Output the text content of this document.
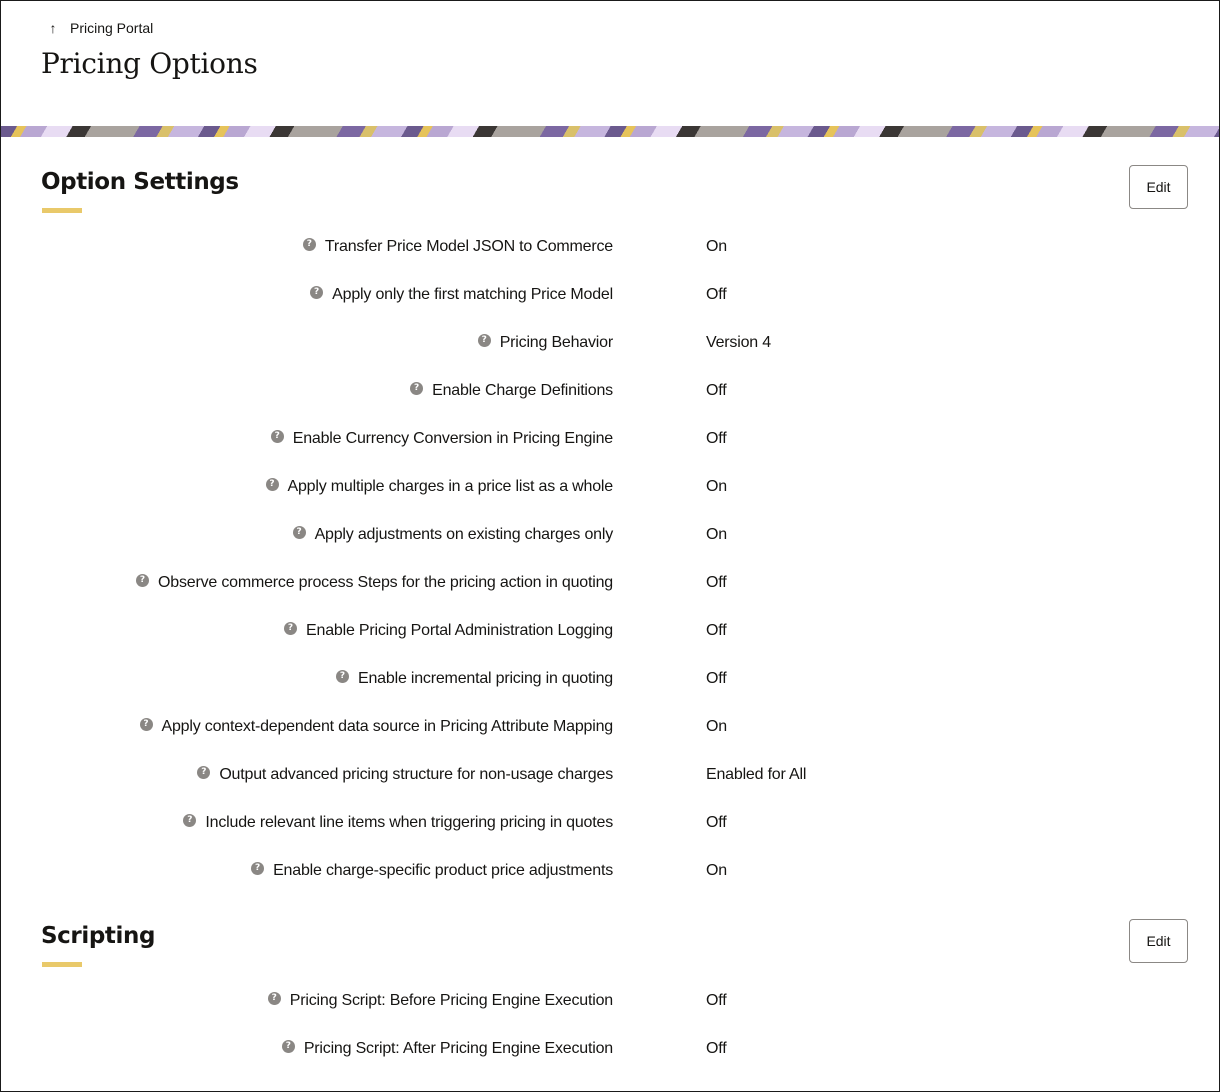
↑ Pricing Portal
Pricing Options
Option Settings	Edit
? Transfer Price Model JSON to Commerce	On
? Apply only the first matching Price Model	Off
? Pricing Behavior	Version 4
? Enable Charge Definitions	Off
? Enable Currency Conversion in Pricing Engine	Off
? Apply multiple charges in a price list as a whole	On
? Apply adjustments on existing charges only	On
? Observe commerce process Steps for the pricing action in quoting	Off
? Enable Pricing Portal Administration Logging	Off
? Enable incremental pricing in quoting	Off
? Apply context-dependent data source in Pricing Attribute Mapping	On
? Output advanced pricing structure for non-usage charges	Enabled for All
? Include relevant line items when triggering pricing in quotes	Off
? Enable charge-specific product price adjustments	On
Scripting	Edit
? Pricing Script: Before Pricing Engine Execution	Off
? Pricing Script: After Pricing Engine Execution	Off
